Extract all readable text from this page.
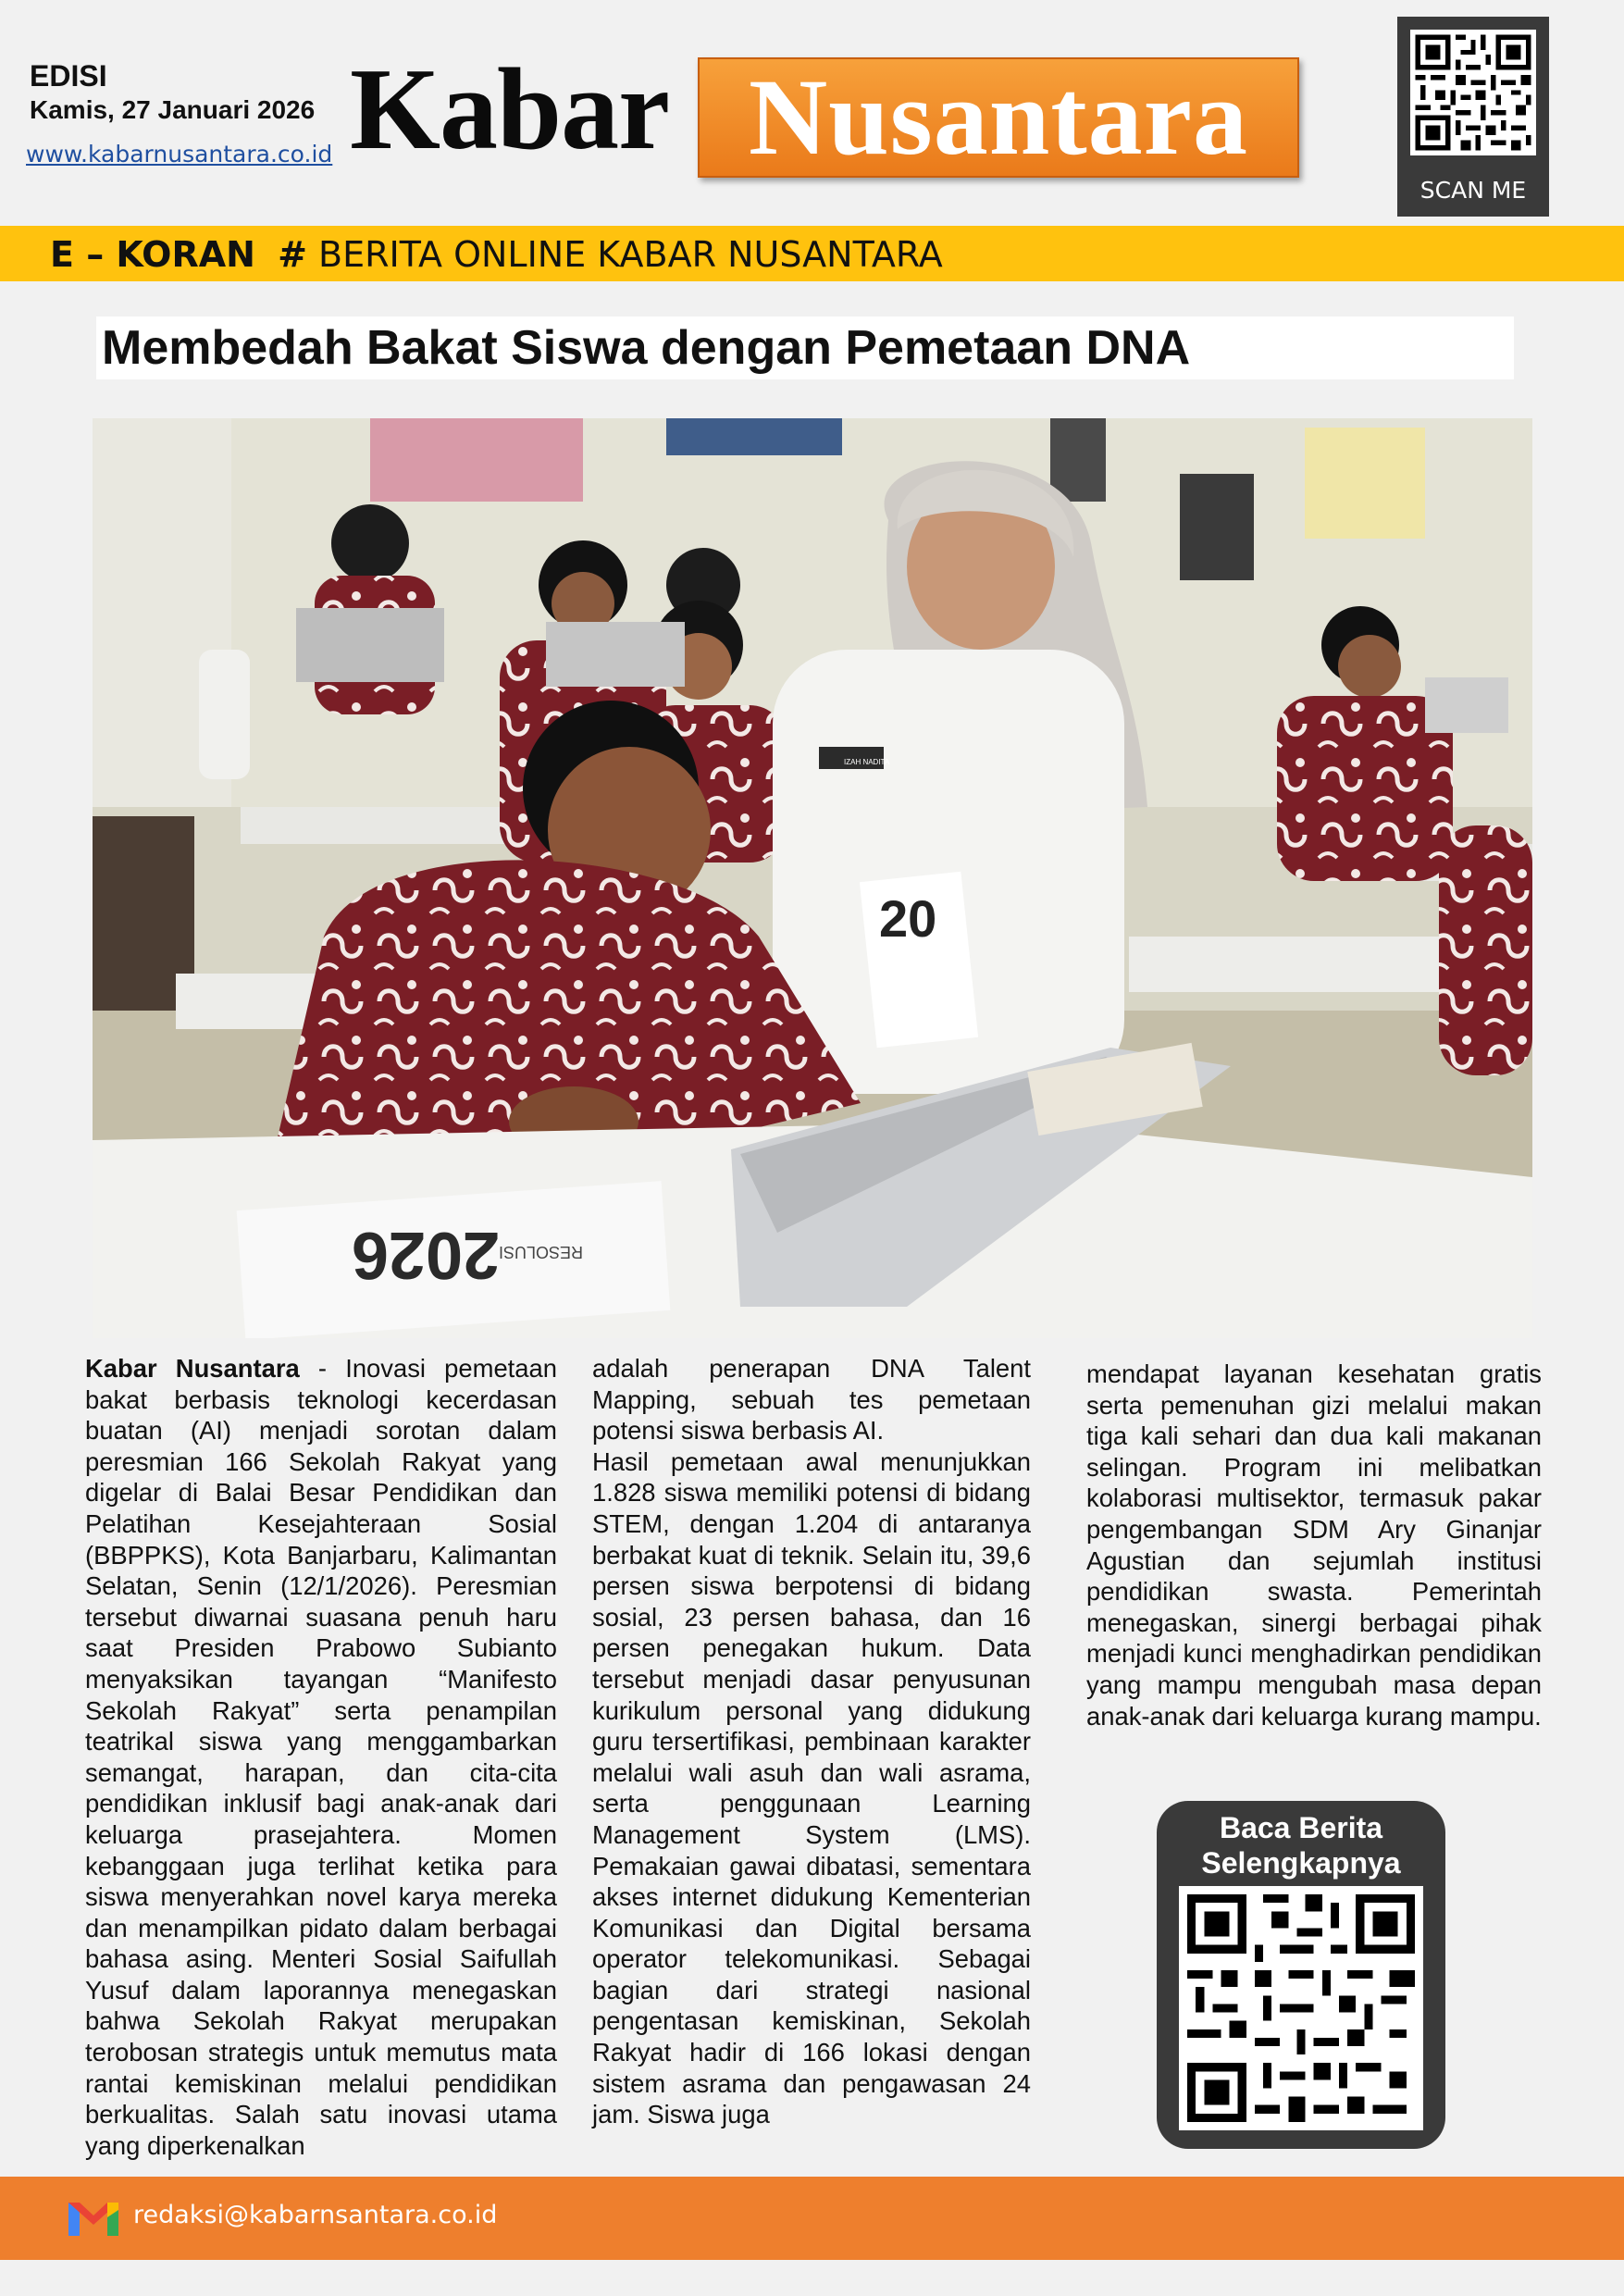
EDISI
Kamis, 27 Januari 2026
www.kabarnusantara.co.id Kabar Nusantara
SCAN ME
E – KORAN # BERITA ONLINE KABAR NUSANTARA
Membedah Bakat Siswa dengan Pemetaan DNA
20
2026
RESOLUSI
IZAH NADITA

Kabar Nusantara - Inovasi pemetaan bakat berbasis teknologi kecerdasan buatan (AI) menjadi sorotan dalam peresmian 166 Sekolah Rakyat yang digelar di Balai Besar Pendidikan dan Pelatihan Kesejahteraan Sosial (BBPPKS), Kota Banjarbaru, Kalimantan Selatan, Senin (12/1/2026). Peresmian tersebut diwarnai suasana penuh haru saat Presiden Prabowo Subianto menyaksikan tayangan “Manifesto Sekolah Rakyat” serta penampilan teatrikal siswa yang menggambarkan semangat, harapan, dan cita-cita pendidikan inklusif bagi anak-anak dari keluarga prasejahtera. Momen kebanggaan juga terlihat ketika para siswa menyerahkan novel karya mereka dan menampilkan pidato dalam berbagai bahasa asing. Menteri Sosial Saifullah Yusuf dalam laporannya menegaskan bahwa Sekolah Rakyat merupakan terobosan strategis untuk memutus mata rantai kemiskinan melalui pendidikan berkualitas. Salah satu inovasi utama yang diperkenalkan

adalah penerapan DNA Talent Mapping, sebuah tes pemetaan potensi siswa berbasis AI.

Hasil pemetaan awal menunjukkan 1.828 siswa memiliki potensi di bidang STEM, dengan 1.204 di antaranya berbakat kuat di teknik. Selain itu, 39,6 persen siswa berpotensi di bidang sosial, 23 persen bahasa, dan 16 persen penegakan hukum. Data tersebut menjadi dasar penyusunan kurikulum personal yang didukung guru tersertifikasi, pembinaan karakter melalui wali asuh dan wali asrama, serta penggunaan Learning Management System (LMS). Pemakaian gawai dibatasi, sementara akses internet didukung Kementerian Komunikasi dan Digital bersama operator telekomunikasi. Sebagai bagian dari strategi nasional pengentasan kemiskinan, Sekolah Rakyat hadir di 166 lokasi dengan sistem asrama dan pengawasan 24 jam. Siswa juga

mendapat layanan kesehatan gratis serta pemenuhan gizi melalui makan tiga kali sehari dan dua kali makanan selingan. Program ini melibatkan kolaborasi multisektor, termasuk pakar pengembangan SDM Ary Ginanjar Agustian dan sejumlah institusi pendidikan swasta. Pemerintah menegaskan, sinergi berbagai pihak menjadi kunci menghadirkan pendidikan yang mampu mengubah masa depan anak-anak dari keluarga kurang mampu.

Baca Berita
Selengkapnya
redaksi@kabarnsantara.co.id
